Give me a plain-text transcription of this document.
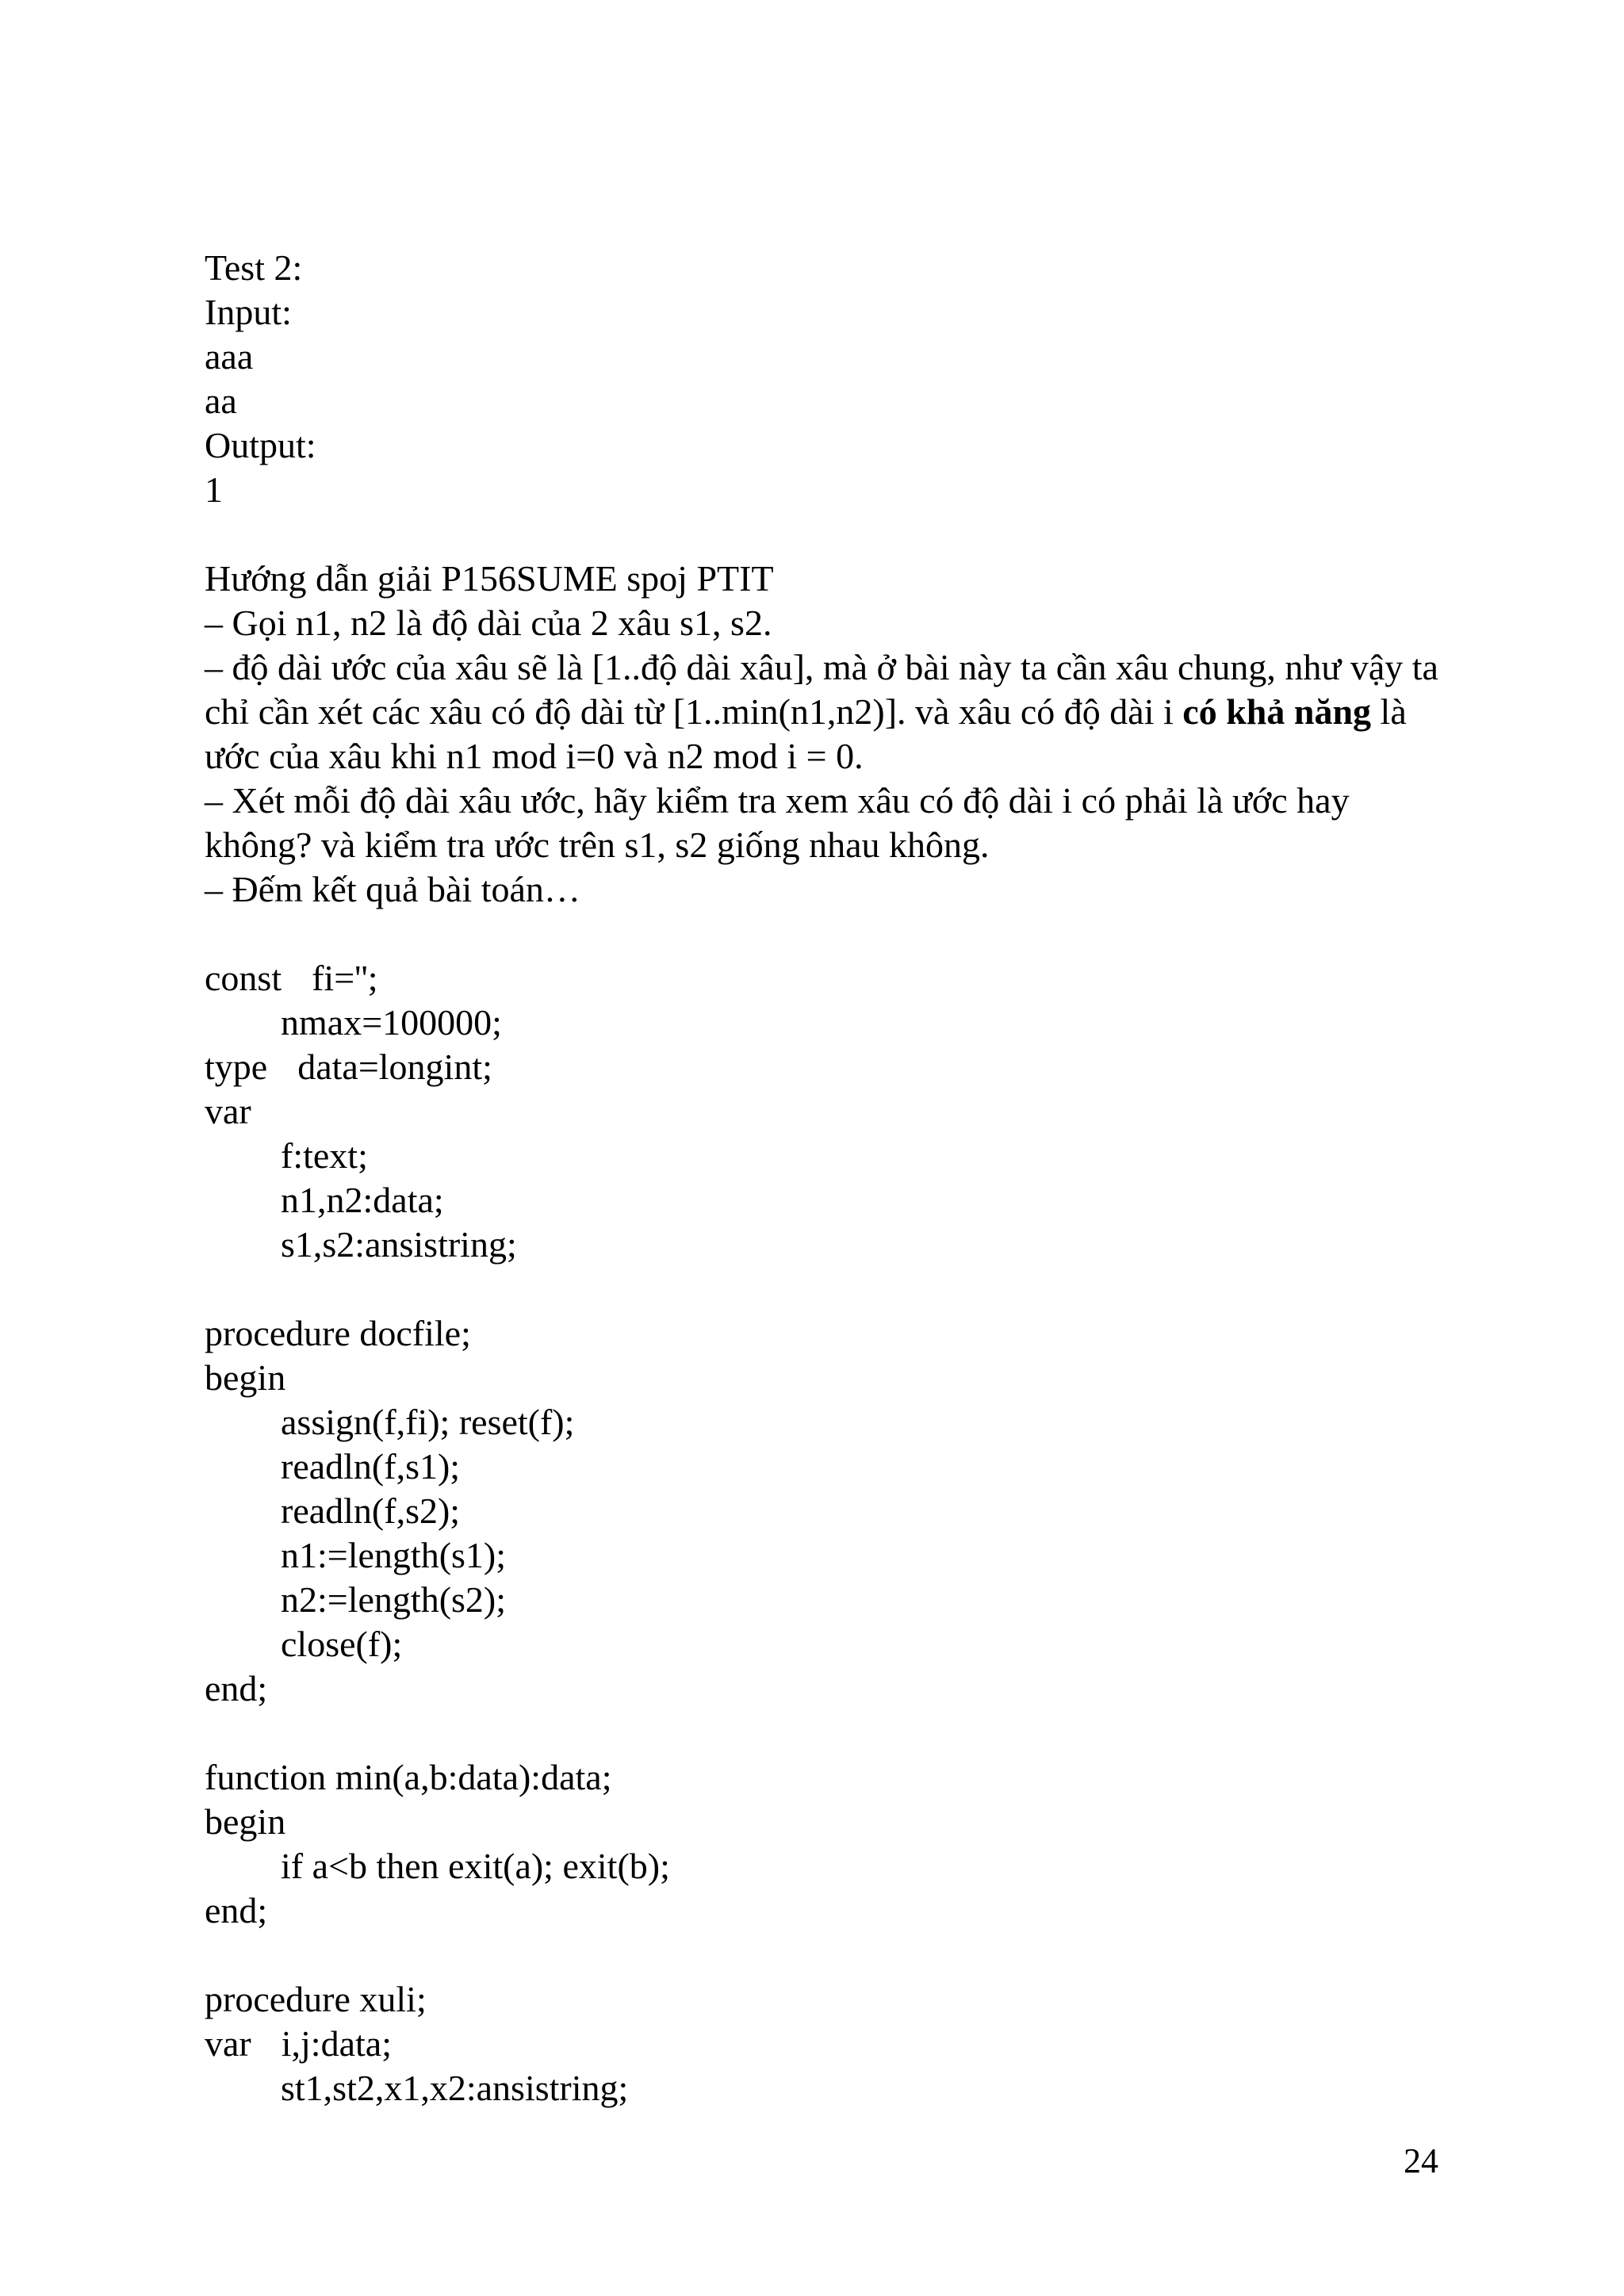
Test 2:
Input:
aaa
aa
Output:
1
Hướng dẫn giải P156SUME spoj PTIT
– Gọi n1, n2 là độ dài của 2 xâu s1, s2.
– độ dài ước của xâu sẽ là [1..độ dài xâu], mà ở bài này ta cần xâu chung, như vậy ta chỉ cần xét các xâu có độ dài từ [1..min(n1,n2)]. và xâu có độ dài i có khả năng là ước của xâu khi n1 mod i=0 và n2 mod i = 0.
– Xét mỗi độ dài xâu ước, hãy kiểm tra xem xâu có độ dài i có phải là ước hay không? và kiểm tra ước trên s1, s2 giống nhau không.
– Đếm kết quả bài toán…
const fi='';
nmax=100000;
type data=longint;
var
f:text;
n1,n2:data;
s1,s2:ansistring;
procedure docfile;
begin
assign(f,fi); reset(f);
readln(f,s1);
readln(f,s2);
n1:=length(s1);
n2:=length(s2);
close(f);
end;
function min(a,b:data):data;
begin
if a<b then exit(a); exit(b);
end;
procedure xuli;
var i,j:data;
st1,st2,x1,x2:ansistring;
24
